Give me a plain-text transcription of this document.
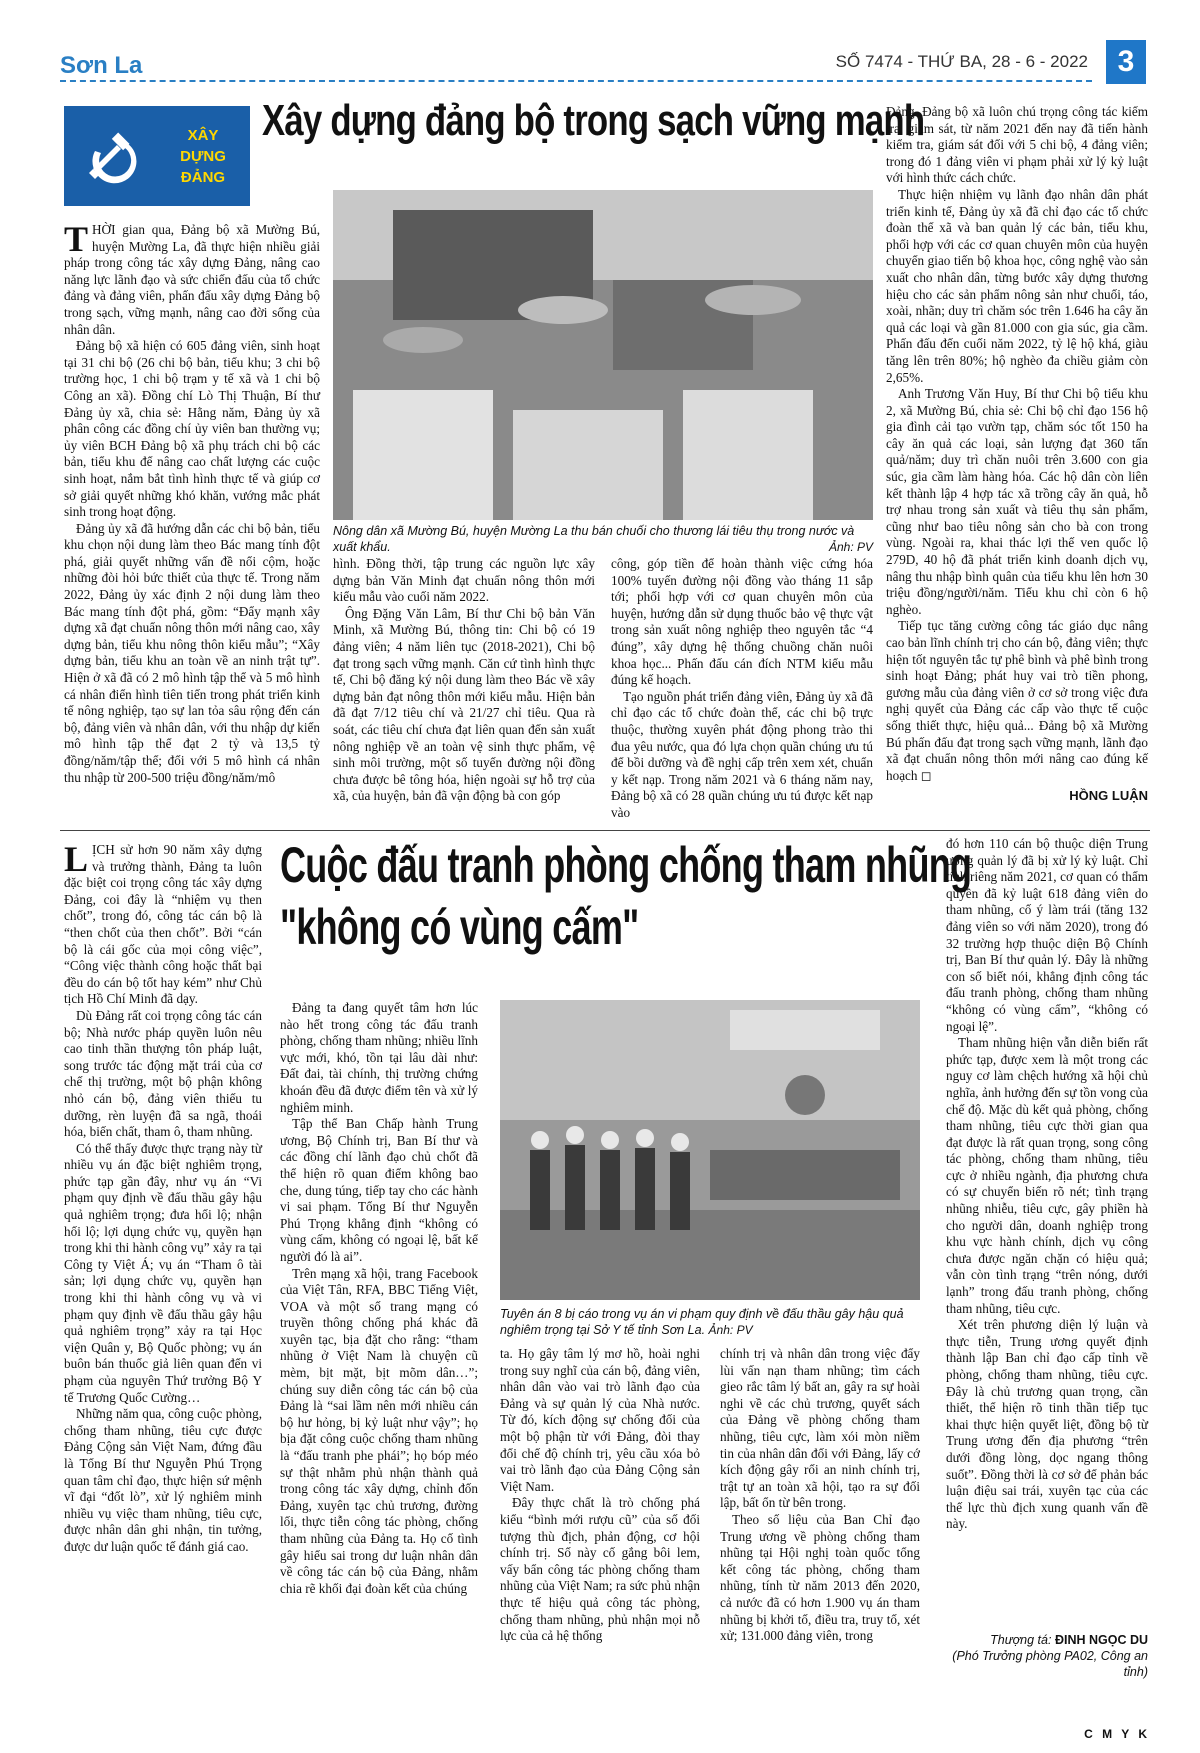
Sơn La	SỐ 7474 - THỨ BA, 28 - 6 - 2022 3
XÂY
DỰNG
ĐẢNG
Xây dựng đảng bộ trong sạch vững mạnh
Nông dân xã Mường Bú, huyện Mường La thu bán chuối cho thương lái tiêu thụ trong nước và xuất khẩu.	Ảnh: PV

THỜI gian qua, Đảng bộ xã Mường Bú, huyện Mường La, đã thực hiện nhiều giải pháp trong công tác xây dựng Đảng, nâng cao năng lực lãnh đạo và sức chiến đấu của tổ chức đảng và đảng viên, phấn đấu xây dựng Đảng bộ trong sạch, vững mạnh, nâng cao đời sống của nhân dân.

Đảng bộ xã hiện có 605 đảng viên, sinh hoạt tại 31 chi bộ (26 chi bộ bản, tiểu khu; 3 chi bộ trường học, 1 chi bộ trạm y tế xã và 1 chi bộ Công an xã). Đồng chí Lò Thị Thuận, Bí thư Đảng ủy xã, chia sẻ: Hằng năm, Đảng ủy xã phân công các đồng chí ủy viên ban thường vụ; ủy viên BCH Đảng bộ xã phụ trách chi bộ các bản, tiểu khu để nâng cao chất lượng các cuộc sinh hoạt, nắm bắt tình hình thực tế và giúp cơ sở giải quyết những khó khăn, vướng mắc phát sinh trong hoạt động.

Đảng ủy xã đã hướng dẫn các chi bộ bản, tiểu khu chọn nội dung làm theo Bác mang tính đột phá, giải quyết những vấn đề nổi cộm, hoặc những đòi hỏi bức thiết của thực tế. Trong năm 2022, Đảng ủy xác định 2 nội dung làm theo Bác mang tính đột phá, gồm: “Đẩy mạnh xây dựng xã đạt chuẩn nông thôn mới nâng cao, xây dựng bản, tiểu khu nông thôn kiểu mẫu”; “Xây dựng bản, tiểu khu an toàn về an ninh trật tự”. Hiện ở xã đã có 2 mô hình tập thể và 5 mô hình cá nhân điển hình tiên tiến trong phát triển kinh tế nông nghiệp, tạo sự lan tỏa sâu rộng đến cán bộ, đảng viên và nhân dân, với thu nhập dự kiến mô hình tập thể đạt 2 tỷ và 13,5 tỷ đồng/năm/tập thể; đối với 5 mô hình cá nhân thu nhập từ 200-500 triệu đồng/năm/mô

hình. Đồng thời, tập trung các nguồn lực xây dựng bản Văn Minh đạt chuẩn nông thôn mới kiểu mẫu vào cuối năm 2022.

Ông Đặng Văn Lâm, Bí thư Chi bộ bản Văn Minh, xã Mường Bú, thông tin: Chi bộ có 19 đảng viên; 4 năm liên tục (2018-2021), Chi bộ đạt trong sạch vững mạnh. Căn cứ tình hình thực tế, Chi bộ đăng ký nội dung làm theo Bác về xây dựng bản đạt nông thôn mới kiểu mẫu. Hiện bản đã đạt 7/12 tiêu chí và 21/27 chỉ tiêu. Qua rà soát, các tiêu chí chưa đạt liên quan đến sản xuất nông nghiệp về an toàn vệ sinh thực phẩm, vệ sinh môi trường, một số tuyến đường nội đồng chưa được bê tông hóa, hiện ngoài sự hỗ trợ của xã, của huyện, bản đã vận động bà con góp

công, góp tiền để hoàn thành việc cứng hóa 100% tuyến đường nội đồng vào tháng 11 sắp tới; phối hợp với cơ quan chuyên môn của huyện, hướng dẫn sử dụng thuốc bảo vệ thực vật trong sản xuất nông nghiệp theo nguyên tắc “4 đúng”, xây dựng hệ thống chuồng chăn nuôi khoa học... Phấn đấu cán đích NTM kiểu mẫu đúng kế hoạch.

Tạo nguồn phát triển đảng viên, Đảng ủy xã đã chỉ đạo các tổ chức đoàn thể, các chi bộ trực thuộc, thường xuyên phát động phong trào thi đua yêu nước, qua đó lựa chọn quần chúng ưu tú để bồi dưỡng và đề nghị cấp trên xem xét, chuẩn y kết nạp. Trong năm 2021 và 6 tháng năm nay, Đảng bộ xã có 28 quần chúng ưu tú được kết nạp vào

Đảng. Đảng bộ xã luôn chú trọng công tác kiểm tra, giám sát, từ năm 2021 đến nay đã tiến hành kiểm tra, giám sát đối với 5 chi bộ, 4 đảng viên; trong đó 1 đảng viên vi phạm phải xử lý kỷ luật với hình thức cách chức.

Thực hiện nhiệm vụ lãnh đạo nhân dân phát triển kinh tế, Đảng ủy xã đã chỉ đạo các tổ chức đoàn thể xã và ban quản lý các bản, tiểu khu, phối hợp với các cơ quan chuyên môn của huyện chuyển giao tiến bộ khoa học, công nghệ vào sản xuất cho nhân dân, từng bước xây dựng thương hiệu cho các sản phẩm nông sản như chuối, táo, xoài, nhãn; duy trì chăm sóc trên 1.646 ha cây ăn quả các loại và gần 81.000 con gia súc, gia cầm. Phấn đấu đến cuối năm 2022, tỷ lệ hộ khá, giàu tăng lên trên 80%; hộ nghèo đa chiều giảm còn 2,65%.

Anh Trương Văn Huy, Bí thư Chi bộ tiểu khu 2, xã Mường Bú, chia sẻ: Chi bộ chỉ đạo 156 hộ gia đình cải tạo vườn tạp, chăm sóc tốt 150 ha cây ăn quả các loại, sản lượng đạt 360 tấn quả/năm; duy trì chăn nuôi trên 3.600 con gia súc, gia cầm làm hàng hóa. Các hộ dân còn liên kết thành lập 4 hợp tác xã trồng cây ăn quả, hỗ trợ nhau trong sản xuất và tiêu thụ sản phẩm, cũng như bao tiêu nông sản cho bà con trong vùng. Ngoài ra, khai thác lợi thế ven quốc lộ 279D, 40 hộ đã phát triển kinh doanh dịch vụ, nâng thu nhập bình quân của tiểu khu lên hơn 30 triệu đồng/người/năm. Tiểu khu chỉ còn 6 hộ nghèo.

Tiếp tục tăng cường công tác giáo dục nâng cao bản lĩnh chính trị cho cán bộ, đảng viên; thực hiện tốt nguyên tắc tự phê bình và phê bình trong sinh hoạt Đảng; phát huy vai trò tiền phong, gương mẫu của đảng viên ở cơ sở trong việc đưa nghị quyết của Đảng các cấp vào thực tế cuộc sống thiết thực, hiệu quả... Đảng bộ xã Mường Bú phấn đấu đạt trong sạch vững mạnh, lãnh đạo xã đạt chuẩn nông thôn mới nâng cao đúng kế hoạch ◻

HỒNG LUẬN

LỊCH sử hơn 90 năm xây dựng và trưởng thành, Đảng ta luôn đặc biệt coi trọng công tác xây dựng Đảng, coi đây là “nhiệm vụ then chốt”, trong đó, công tác cán bộ là “then chốt của then chốt”. Bởi “cán bộ là cái gốc của mọi công việc”, “Công việc thành công hoặc thất bại đều do cán bộ tốt hay kém” như Chủ tịch Hồ Chí Minh đã dạy.

Dù Đảng rất coi trọng công tác cán bộ; Nhà nước pháp quyền luôn nêu cao tinh thần thượng tôn pháp luật, song trước tác động mặt trái của cơ chế thị trường, một bộ phận không nhỏ cán bộ, đảng viên thiếu tu dưỡng, rèn luyện đã sa ngã, thoái hóa, biến chất, tham ô, tham nhũng.

Có thể thấy được thực trạng này từ nhiều vụ án đặc biệt nghiêm trọng, phức tạp gần đây, như vụ án “Vi phạm quy định về đấu thầu gây hậu quả nghiêm trọng; đưa hối lộ; nhận hối lộ; lợi dụng chức vụ, quyền hạn trong khi thi hành công vụ” xảy ra tại Công ty Việt Á; vụ án “Tham ô tài sản; lợi dụng chức vụ, quyền hạn trong khi thi hành công vụ và vi phạm quy định về đấu thầu gây hậu quả nghiêm trọng” xảy ra tại Học viện Quân y, Bộ Quốc phòng; vụ án buôn bán thuốc giả liên quan đến vi phạm của nguyên Thứ trưởng Bộ Y tế Trương Quốc Cường…

Những năm qua, công cuộc phòng, chống tham nhũng, tiêu cực được Đảng Cộng sản Việt Nam, đứng đầu là Tổng Bí thư Nguyễn Phú Trọng quan tâm chỉ đạo, thực hiện sứ mệnh vĩ đại “đốt lò”, xử lý nghiêm minh nhiều vụ việc tham nhũng, tiêu cực, được nhân dân ghi nhận, tin tưởng, được dư luận quốc tế đánh giá cao.

Cuộc đấu tranh phòng chống tham nhũng
"không có vùng cấm"

Đảng ta đang quyết tâm hơn lúc nào hết trong công tác đấu tranh phòng, chống tham nhũng; nhiều lĩnh vực mới, khó, tồn tại lâu dài như: Đất đai, tài chính, thị trường chứng khoán đều đã được điểm tên và xử lý nghiêm minh.

Tập thể Ban Chấp hành Trung ương, Bộ Chính trị, Ban Bí thư và các đồng chí lãnh đạo chủ chốt đã thể hiện rõ quan điểm không bao che, dung túng, tiếp tay cho các hành vi sai phạm. Tổng Bí thư Nguyễn Phú Trọng khẳng định “không có vùng cấm, không có ngoại lệ, bất kể người đó là ai”.

Trên mạng xã hội, trang Facebook của Việt Tân, RFA, BBC Tiếng Việt, VOA và một số trang mạng có truyền thông chống phá khác đã xuyên tạc, bịa đặt cho rằng: “tham nhũng ở Việt Nam là chuyện cũ mèm, bịt mặt, bịt mõm dân…”; chúng suy diễn công tác cán bộ của Đảng là “sai lầm nên mới nhiều cán bộ hư hỏng, bị kỷ luật như vậy”; họ bịa đặt công cuộc chống tham nhũng là “đấu tranh phe phái”; họ bóp méo sự thật nhằm phủ nhận thành quả trong công tác xây dựng, chỉnh đốn Đảng, xuyên tạc chủ trương, đường lối, thực tiễn công tác phòng, chống tham nhũng của Đảng ta. Họ cố tình gây hiểu sai trong dư luận nhân dân về công tác cán bộ của Đảng, nhằm chia rẽ khối đại đoàn kết của chúng

Tuyên án 8 bị cáo trong vụ án vi phạm quy định về đấu thầu gây hậu quả nghiêm trọng tại Sở Y tế tỉnh Sơn La. Ảnh: PV

ta. Họ gây tâm lý mơ hồ, hoài nghi trong suy nghĩ của cán bộ, đảng viên, nhân dân vào vai trò lãnh đạo của Đảng và sự quản lý của Nhà nước. Từ đó, kích động sự chống đối của một bộ phận từ với Đảng, đòi thay đổi chế độ chính trị, yêu cầu xóa bỏ vai trò lãnh đạo của Đảng Cộng sản Việt Nam.

Đây thực chất là trò chống phá kiểu “bình mới rượu cũ” của số đối tượng thù địch, phản động, cơ hội chính trị. Số này cố gắng bôi lem, vấy bẩn công tác phòng chống tham nhũng của Việt Nam; ra sức phủ nhận thực tế hiệu quả công tác phòng, chống tham nhũng, phủ nhận mọi nỗ lực của cả hệ thống

chính trị và nhân dân trong việc đẩy lùi vấn nạn tham nhũng; tìm cách gieo rắc tâm lý bất an, gây ra sự hoài nghi về các chủ trương, quyết sách của Đảng về phòng chống tham nhũng, tiêu cực, làm xói mòn niềm tin của nhân dân đối với Đảng, lấy cớ kích động gây rối an ninh chính trị, trật tự an toàn xã hội, tạo ra sự đối lập, bất ổn từ bên trong.

Theo số liệu của Ban Chỉ đạo Trung ương về phòng chống tham nhũng tại Hội nghị toàn quốc tổng kết công tác phòng, chống tham nhũng, tính từ năm 2013 đến 2020, cả nước đã có hơn 1.900 vụ án tham nhũng bị khởi tố, điều tra, truy tố, xét xử; 131.000 đảng viên, trong

đó hơn 110 cán bộ thuộc diện Trung ương quản lý đã bị xử lý kỷ luật. Chỉ tính riêng năm 2021, cơ quan có thẩm quyền đã kỷ luật 618 đảng viên do tham nhũng, cố ý làm trái (tăng 132 đảng viên so với năm 2020), trong đó 32 trường hợp thuộc diện Bộ Chính trị, Ban Bí thư quản lý. Đây là những con số biết nói, khẳng định công tác đấu tranh phòng, chống tham nhũng “không có vùng cấm”, “không có ngoại lệ”.

Tham nhũng hiện vẫn diễn biến rất phức tạp, được xem là một trong các nguy cơ làm chệch hướng xã hội chủ nghĩa, ảnh hưởng đến sự tồn vong của chế độ. Mặc dù kết quả phòng, chống tham nhũng, tiêu cực thời gian qua đạt được là rất quan trọng, song công tác phòng, chống tham nhũng, tiêu cực ở nhiều ngành, địa phương chưa có sự chuyển biến rõ nét; tình trạng nhũng nhiễu, tiêu cực, gây phiền hà cho người dân, doanh nghiệp trong khu vực hành chính, dịch vụ công chưa được ngăn chặn có hiệu quả; vẫn còn tình trạng “trên nóng, dưới lạnh” trong đấu tranh phòng, chống tham nhũng, tiêu cực.

Xét trên phương diện lý luận và thực tiễn, Trung ương quyết định thành lập Ban chỉ đạo cấp tỉnh về phòng, chống tham nhũng, tiêu cực. Đây là chủ trương quan trọng, cần thiết, thể hiện rõ tinh thần tiếp tục khai thực hiện quyết liệt, đồng bộ từ Trung ương đến địa phương “trên dưới đồng lòng, dọc ngang thông suốt”. Đồng thời là cơ sở để phản bác luận điệu sai trái, xuyên tạc của các thế lực thù địch xung quanh vấn đề này.

Thượng tá: ĐINH NGỌC DU
(Phó Trưởng phòng PA02, Công an tỉnh)
C M Y K
